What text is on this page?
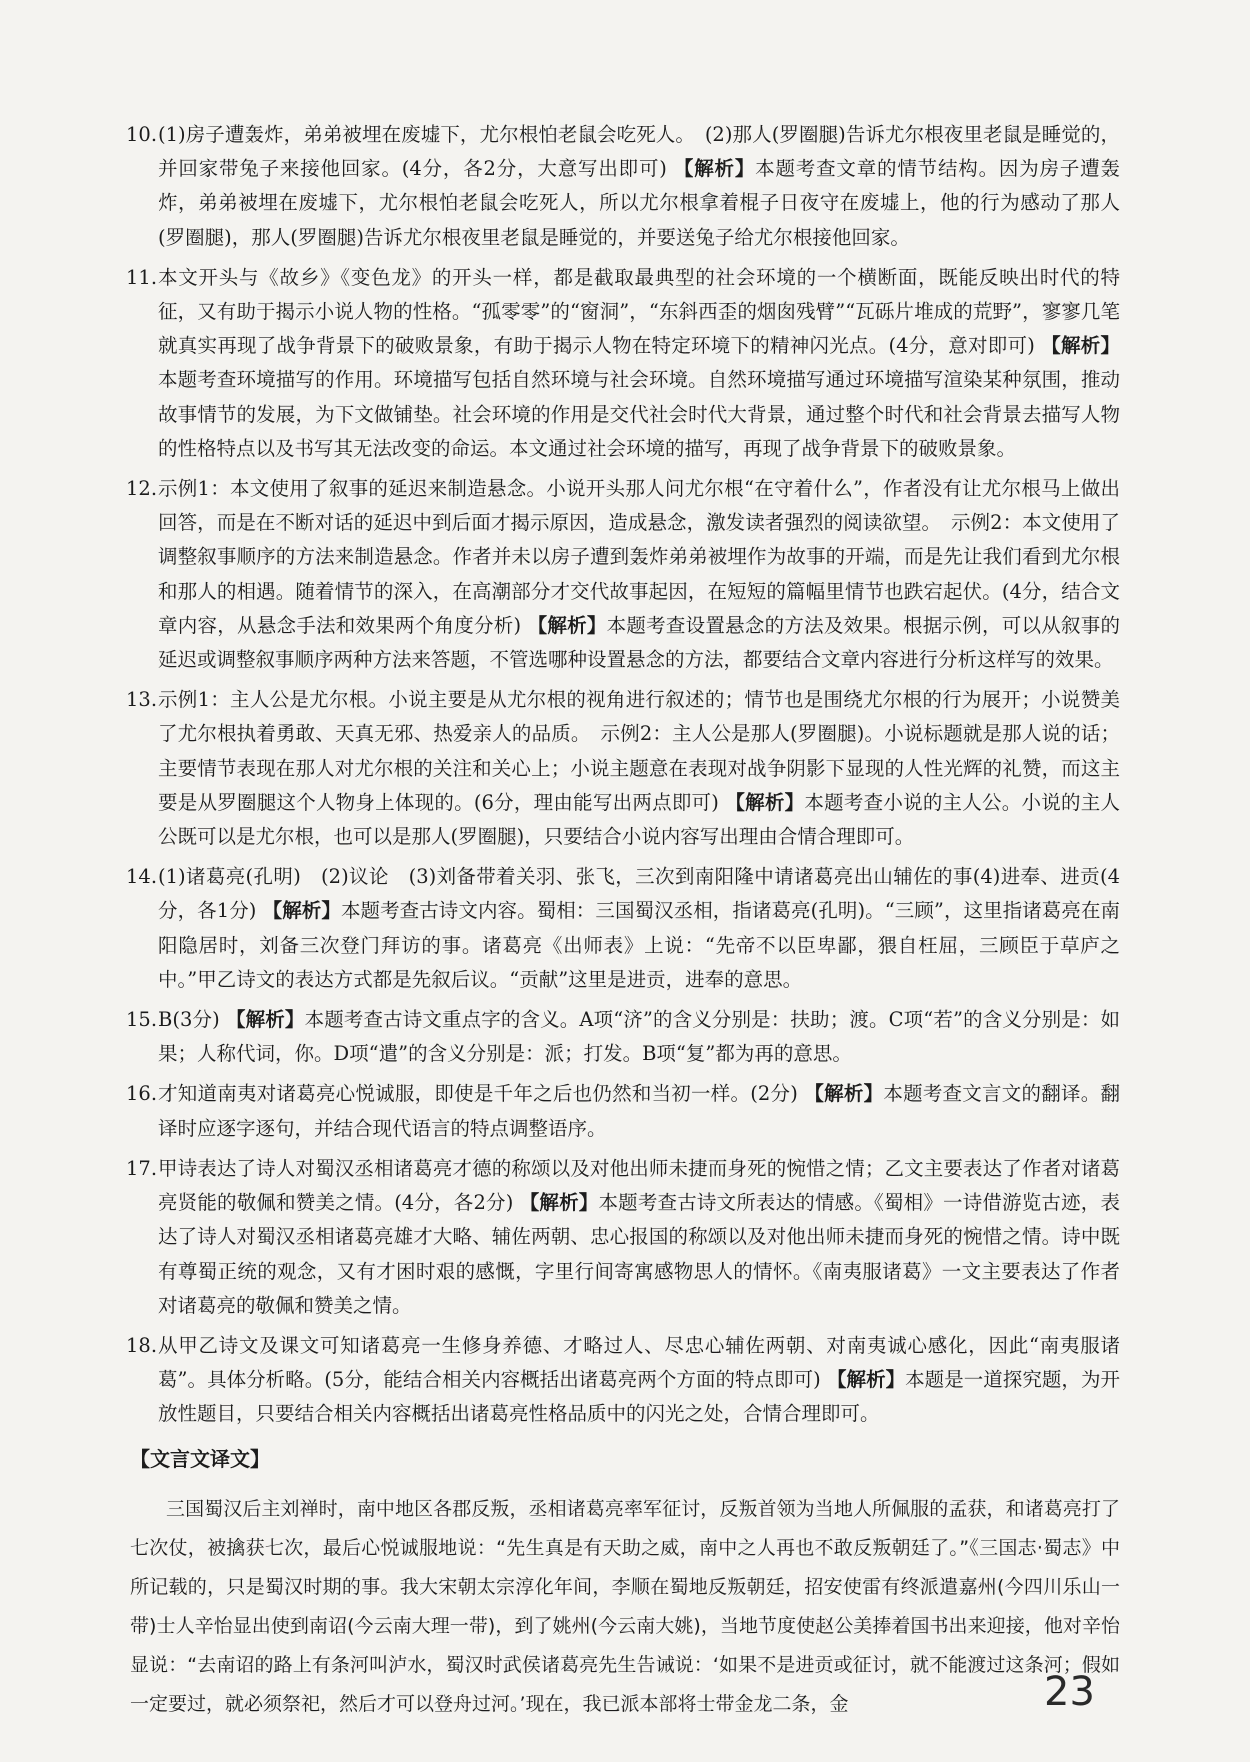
10. (1)房子遭轰炸，弟弟被埋在废墟下，尤尔根怕老鼠会吃死人。　(2)那人(罗圈腿)告诉尤尔根夜里老鼠是睡觉的，并回家带兔子来接他回家。(4分，各2分，大意写出即可) 【解析】本题考查文章的情节结构。因为房子遭轰炸，弟弟被埋在废墟下，尤尔根怕老鼠会吃死人，所以尤尔根拿着棍子日夜守在废墟上，他的行为感动了那人(罗圈腿)，那人(罗圈腿)告诉尤尔根夜里老鼠是睡觉的，并要送兔子给尤尔根接他回家。
11. 本文开头与《故乡》《变色龙》的开头一样，都是截取最典型的社会环境的一个横断面，既能反映出时代的特征，又有助于揭示小说人物的性格。“孤零零”的“窗洞”，“东斜西歪的烟囱残臂”“瓦砾片堆成的荒野”，寥寥几笔就真实再现了战争背景下的破败景象，有助于揭示人物在特定环境下的精神闪光点。(4分，意对即可) 【解析】本题考查环境描写的作用。环境描写包括自然环境与社会环境。自然环境描写通过环境描写渲染某种氛围，推动故事情节的发展，为下文做铺垫。社会环境的作用是交代社会时代大背景，通过整个时代和社会背景去描写人物的性格特点以及书写其无法改变的命运。本文通过社会环境的描写，再现了战争背景下的破败景象。
12. 示例1：本文使用了叙事的延迟来制造悬念。小说开头那人问尤尔根“在守着什么”，作者没有让尤尔根马上做出回答，而是在不断对话的延迟中到后面才揭示原因，造成悬念，激发读者强烈的阅读欲望。　示例2：本文使用了调整叙事顺序的方法来制造悬念。作者并未以房子遭到轰炸弟弟被埋作为故事的开端，而是先让我们看到尤尔根和那人的相遇。随着情节的深入，在高潮部分才交代故事起因，在短短的篇幅里情节也跌宕起伏。(4分，结合文章内容，从悬念手法和效果两个角度分析) 【解析】本题考查设置悬念的方法及效果。根据示例，可以从叙事的延迟或调整叙事顺序两种方法来答题，不管选哪种设置悬念的方法，都要结合文章内容进行分析这样写的效果。
13. 示例1：主人公是尤尔根。小说主要是从尤尔根的视角进行叙述的；情节也是围绕尤尔根的行为展开；小说赞美了尤尔根执着勇敢、天真无邪、热爱亲人的品质。　示例2：主人公是那人(罗圈腿)。小说标题就是那人说的话；主要情节表现在那人对尤尔根的关注和关心上；小说主题意在表现对战争阴影下显现的人性光辉的礼赞，而这主要是从罗圈腿这个人物身上体现的。(6分，理由能写出两点即可) 【解析】本题考查小说的主人公。小说的主人公既可以是尤尔根，也可以是那人(罗圈腿)，只要结合小说内容写出理由合情合理即可。
14. (1)诸葛亮(孔明)　(2)议论　(3)刘备带着关羽、张飞，三次到南阳隆中请诸葛亮出山辅佐的事(4)进奉、进贡(4分，各1分) 【解析】本题考查古诗文内容。蜀相：三国蜀汉丞相，指诸葛亮(孔明)。“三顾”，这里指诸葛亮在南阳隐居时，刘备三次登门拜访的事。诸葛亮《出师表》上说：“先帝不以臣卑鄙，猥自枉屈，三顾臣于草庐之中。”甲乙诗文的表达方式都是先叙后议。“贡献”这里是进贡，进奉的意思。
15. B(3分) 【解析】本题考查古诗文重点字的含义。A项“济”的含义分别是：扶助；渡。C项“若”的含义分别是：如果；人称代词，你。D项“遣”的含义分别是：派；打发。B项“复”都为再的意思。
16. 才知道南夷对诸葛亮心悦诚服，即使是千年之后也仍然和当初一样。(2分) 【解析】本题考查文言文的翻译。翻译时应逐字逐句，并结合现代语言的特点调整语序。
17. 甲诗表达了诗人对蜀汉丞相诸葛亮才德的称颂以及对他出师未捷而身死的惋惜之情；乙文主要表达了作者对诸葛亮贤能的敬佩和赞美之情。(4分，各2分) 【解析】本题考查古诗文所表达的情感。《蜀相》一诗借游览古迹，表达了诗人对蜀汉丞相诸葛亮雄才大略、辅佐两朝、忠心报国的称颂以及对他出师未捷而身死的惋惜之情。诗中既有尊蜀正统的观念，又有才困时艰的感慨，字里行间寄寓感物思人的情怀。《南夷服诸葛》一文主要表达了作者对诸葛亮的敬佩和赞美之情。
18. 从甲乙诗文及课文可知诸葛亮一生修身养德、才略过人、尽忠心辅佐两朝、对南夷诚心感化，因此“南夷服诸葛”。具体分析略。(5分，能结合相关内容概括出诸葛亮两个方面的特点即可) 【解析】本题是一道探究题，为开放性题目，只要结合相关内容概括出诸葛亮性格品质中的闪光之处，合情合理即可。
【文言文译文】
三国蜀汉后主刘禅时，南中地区各郡反叛，丞相诸葛亮率军征讨，反叛首领为当地人所佩服的孟获，和诸葛亮打了七次仗，被擒获七次，最后心悦诚服地说：“先生真是有天助之威，南中之人再也不敢反叛朝廷了。”《三国志·蜀志》中所记载的，只是蜀汉时期的事。我大宋朝太宗淳化年间，李顺在蜀地反叛朝廷，招安使雷有终派遣嘉州(今四川乐山一带)士人辛怡显出使到南诏(今云南大理一带)，到了姚州(今云南大姚)，当地节度使赵公美捧着国书出来迎接，他对辛怡显说：“去南诏的路上有条河叫泸水，蜀汉时武侯诸葛亮先生告诫说：‘如果不是进贡或征讨，就不能渡过这条河；假如一定要过，就必须祭祀，然后才可以登舟过河。’现在，我已派本部将士带金龙二条，金	23
